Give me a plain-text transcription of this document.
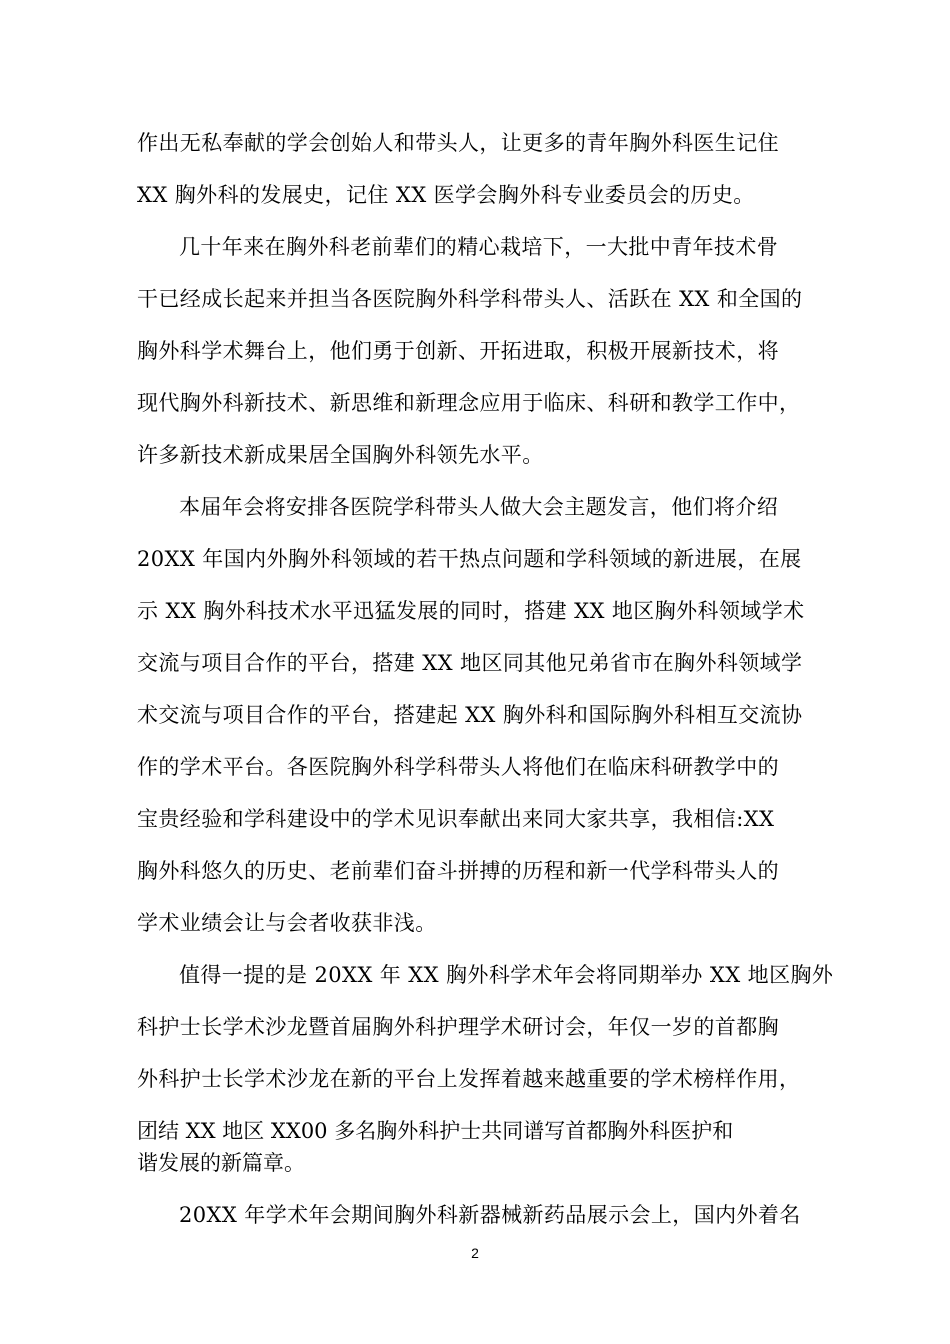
作出无私奉献的学会创始人和带头人，让更多的青年胸外科医生记住
XX 胸外科的发展史，记住 XX 医学会胸外科专业委员会的历史。
几十年来在胸外科老前辈们的精心栽培下，一大批中青年技术骨
干已经成长起来并担当各医院胸外科学科带头人、活跃在 XX 和全国的
胸外科学术舞台上，他们勇于创新、开拓进取，积极开展新技术，将
现代胸外科新技术、新思维和新理念应用于临床、科研和教学工作中，
许多新技术新成果居全国胸外科领先水平。
本届年会将安排各医院学科带头人做大会主题发言，他们将介绍
20XX 年国内外胸外科领域的若干热点问题和学科领域的新进展，在展
示 XX 胸外科技术水平迅猛发展的同时，搭建 XX 地区胸外科领域学术
交流与项目合作的平台，搭建 XX 地区同其他兄弟省市在胸外科领域学
术交流与项目合作的平台，搭建起 XX 胸外科和国际胸外科相互交流协
作的学术平台。各医院胸外科学科带头人将他们在临床科研教学中的
宝贵经验和学科建设中的学术见识奉献出来同大家共享，我相信:XX
胸外科悠久的历史、老前辈们奋斗拼搏的历程和新一代学科带头人的
学术业绩会让与会者收获非浅。
值得一提的是 20XX 年 XX 胸外科学术年会将同期举办 XX 地区胸外
科护士长学术沙龙暨首届胸外科护理学术研讨会，年仅一岁的首都胸
外科护士长学术沙龙在新的平台上发挥着越来越重要的学术榜样作用，
团结 XX 地区 XX00 多名胸外科护士共同谱写首都胸外科医护和
谐发展的新篇章。
20XX 年学术年会期间胸外科新器械新药品展示会上，国内外着名
2
